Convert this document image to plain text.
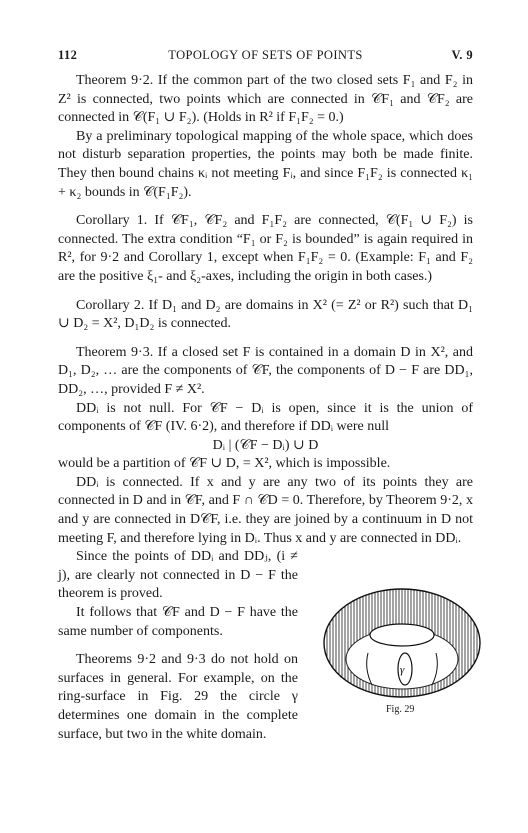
112	TOPOLOGY OF SETS OF POINTS	V. 9

Theorem 9·2. If the common part of the two closed sets F₁ and F₂ in Z² is connected, two points which are connected in 𝒞F₁ and 𝒞F₂ are connected in 𝒞(F₁ ∪ F₂). (Holds in R² if F₁F₂ = 0.)

By a preliminary topological mapping of the whole space, which does not disturb separation properties, the points may both be made finite. They then bound chains κᵢ not meeting Fᵢ, and since F₁F₂ is connected κ₁ + κ₂ bounds in 𝒞(F₁F₂).

Corollary 1. If 𝒞F₁, 𝒞F₂ and F₁F₂ are connected, 𝒞(F₁ ∪ F₂) is connected. The extra condition “F₁ or F₂ is bounded” is again required in R², for 9·2 and Corollary 1, except when F₁F₂ = 0. (Example: F₁ and F₂ are the positive ξ₁- and ξ₂-axes, including the origin in both cases.)

Corollary 2. If D₁ and D₂ are domains in X² (= Z² or R²) such that D₁ ∪ D₂ = X², D₁D₂ is connected.

Theorem 9·3. If a closed set F is contained in a domain D in X², and D₁, D₂, … are the components of 𝒞F, the components of D − F are DD₁, DD₂, …, provided F ≠ X².

DDᵢ is not null. For 𝒞F − Dᵢ is open, since it is the union of components of 𝒞F (IV. 6·2), and therefore if DDᵢ were null

Dᵢ | (𝒞F − Dᵢ) ∪ D

would be a partition of 𝒞F ∪ D, = X², which is impossible.

DDᵢ is connected. If x and y are any two of its points they are connected in D and in 𝒞F, and F ∩ 𝒞D = 0. Therefore, by Theorem 9·2, x and y are connected in D𝒞F, i.e. they are joined by a continuum in D not meeting F, and therefore lying in Dᵢ. Thus x and y are connected in DDᵢ.

Since the points of DDᵢ and DDⱼ, (i ≠ j), are clearly not connected in D − F the theorem is proved.

It follows that 𝒞F and D − F have the same number of components.

Theorems 9·2 and 9·3 do not hold on surfaces in general. For example, on the ring-surface in Fig. 29 the circle γ determines one domain in the complete surface, but two in the white domain.

γ
Fig. 29
